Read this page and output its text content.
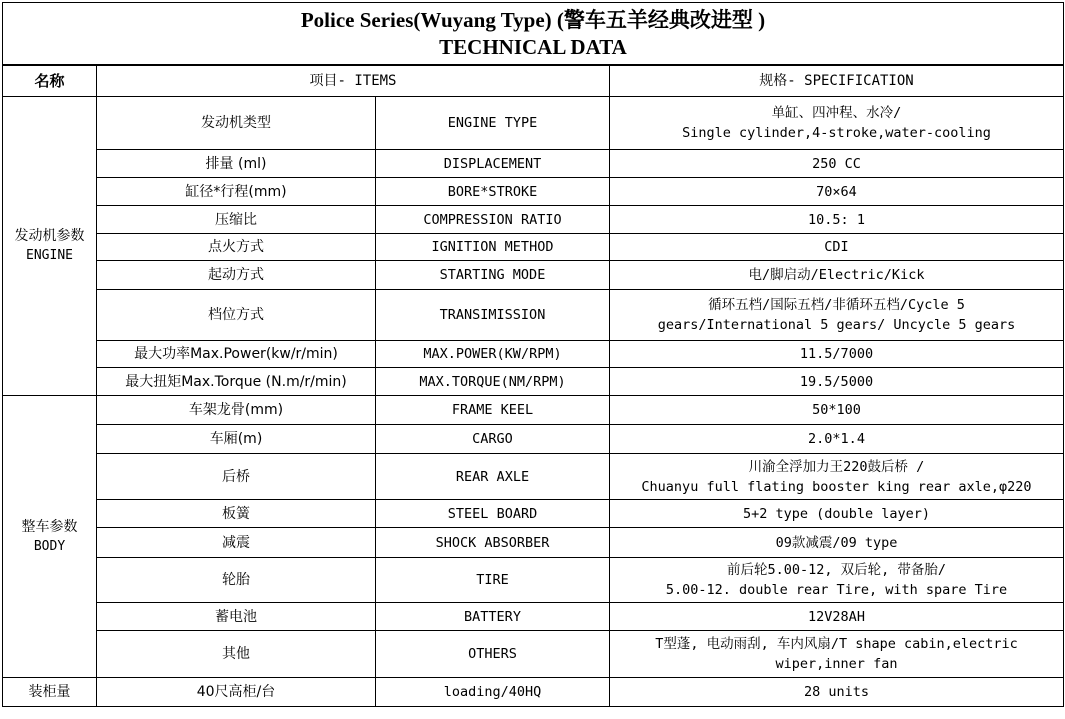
Police Series(Wuyang Type) (警车五羊经典改进型 )
TECHNICAL DATA			

名称	项目- ITEMS		规格- SPECIFICATION

发动机参数
ENGINE	发动机类型	ENGINE TYPE	单缸、四冲程、水冷/
Single cylinder,4-stroke,water-cooling

	排量 (ml)	DISPLACEMENT	250 CC
	缸径*行程(mm)	BORE*STROKE	70×64
	压缩比	COMPRESSION RATIO	10.5: 1
	点火方式	IGNITION METHOD	CDI
	起动方式	STARTING MODE	电/脚启动/Electric/Kick
	档位方式	TRANSIMISSION	循环五档/国际五档/非循环五档/Cycle 5
gears/International 5 gears/ Uncycle 5 gears

	最大功率Max.Power(kw/r/min)	MAX.POWER(KW/RPM)	11.5/7000
	最大扭矩Max.Torque (N.m/r/min)	MAX.TORQUE(NM/RPM)	19.5/5000

整车参数
BODY	车架龙骨(mm)	FRAME KEEL	50*100
	车厢(m)	CARGO	2.0*1.4
	后桥	REAR AXLE	川渝全浮加力王220鼓后桥 /
Chuanyu full flating booster king rear axle,φ220

	板簧	STEEL BOARD	5+2 type (double layer)
	减震	SHOCK ABSORBER	09款减震/09 type
	轮胎	TIRE	前后轮5.00-12, 双后轮, 带备胎/
5.00-12. double rear Tire, with spare Tire

	蓄电池	BATTERY	12V28AH
	其他	OTHERS	T型蓬, 电动雨刮, 车内风扇/T shape cabin,electric
wiper,inner fan

装柜量	40尺高柜/台	loading/40HQ	28 units
